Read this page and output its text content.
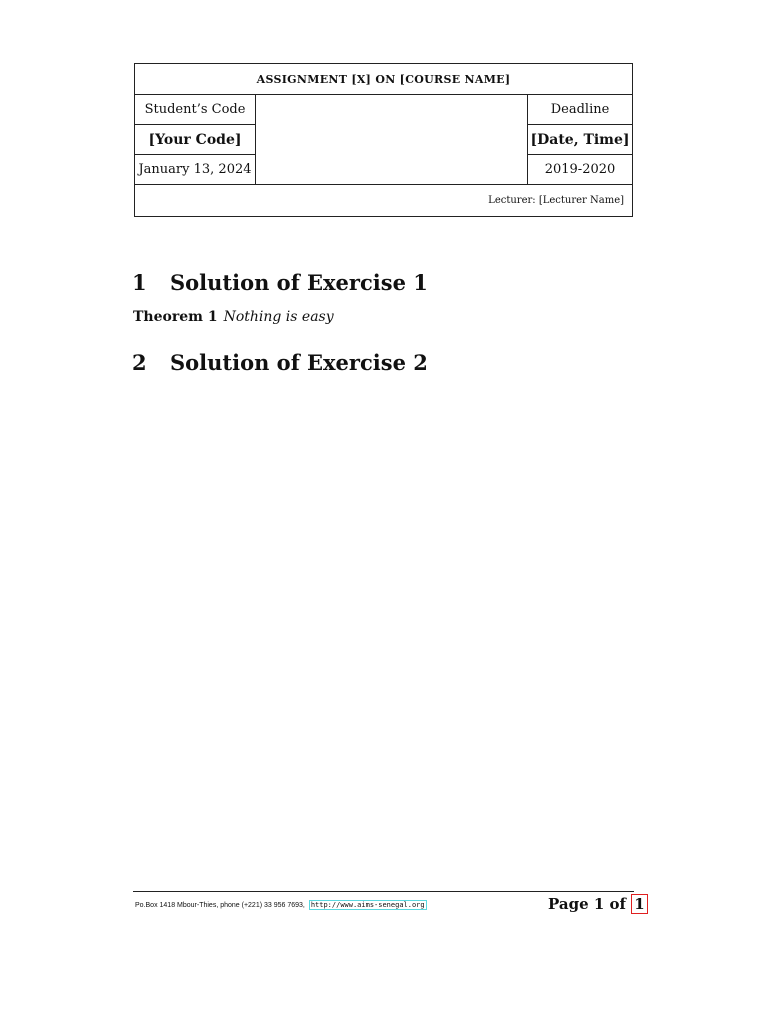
ASSIGNMENT [X] ON [COURSE NAME]		
Student’s Code		Deadline
[Your Code]		[Date, Time]
January 13, 2024		2019-2020
Lecturer: [Lecturer Name]		
1 Solution of Exercise 1
Theorem 1 Nothing is easy
2 Solution of Exercise 2
Po.Box 1418 Mbour-Thies, phone (+221) 33 956 7693, http://www.aims-senegal.org	Page 1 of 1
